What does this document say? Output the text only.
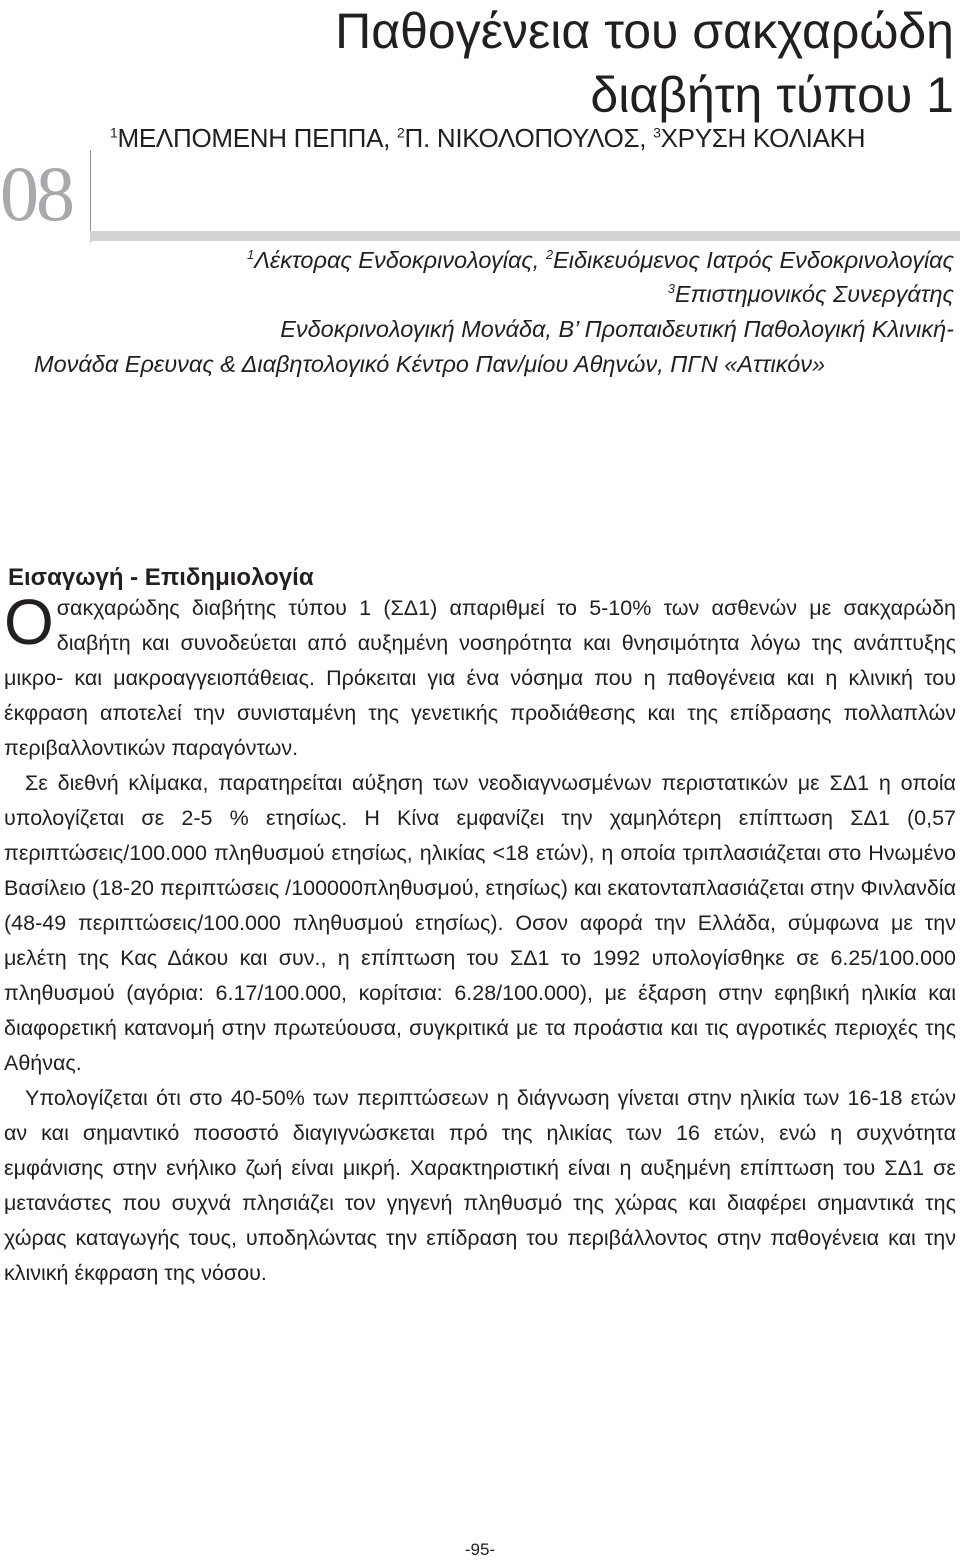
Παθογένεια του σακχαρώδη
διαβήτη τύπου 1
$^1$ΜΕΛΠΟΜΕΝΗ ΠΕΠΠΑ, $^2$Π. ΝΙΚΟΛΟΠΟΥΛΟΣ, $^3$ΧΡΥΣΗ ΚΟΛΙΑΚΗ
08
$^1$Λέκτορας Ενδοκρινολογίας, $^2$Ειδικευόμενος Ιατρός Ενδοκρινολογίας
$^3$Επιστημονικός Συνεργάτης
Ενδοκρινολογική Μονάδα, Β’ Προπαιδευτική Παθολογική Κλινική-
Μονάδα Ερευνας & Διαβητολογικό Κέντρο Παν/μίου Αθηνών, ΠΓΝ «Αττικόν»
Εισαγωγή - Επιδημιολογία

Οσακχαρώδης διαβήτης τύπου 1 (ΣΔ1) απαριθμεί το 5-10% των ασθενών με σακχαρώδη διαβήτη και συνοδεύεται από αυξημένη νοσηρότητα και θνησιμότητα λόγω της ανάπτυξης μικρο- και μακροαγγειοπάθειας. Πρόκειται για ένα νόσημα που η παθογένεια και η κλινική του έκφραση αποτελεί την συνισταμένη της γενετικής προδιάθεσης και της επίδρασης πολλαπλών περιβαλλοντικών παραγόντων.

Σε διεθνή κλίμακα, παρατηρείται αύξηση των νεοδιαγνωσμένων περιστατικών με ΣΔ1 η οποία υπολογίζεται σε 2-5 % ετησίως. Η Κίνα εμφανίζει την χαμηλότερη επίπτωση ΣΔ1 (0,57 περιπτώσεις/100.000 πληθυσμού ετησίως, ηλικίας <18 ετών), η οποία τριπλασιάζεται στο Ηνωμένο Βασίλειο (18-20 περιπτώσεις /100000πληθυσμού, ετησίως) και εκατονταπλασιάζεται στην Φινλανδία (48-49 περιπτώσεις/100.000 πληθυσμού ετησίως). Οσον αφορά την Ελλάδα, σύμφωνα με την μελέτη της Κας Δάκου και συν., η επίπτωση του ΣΔ1 το 1992 υπολογίσθηκε σε 6.25/100.000 πληθυσμού (αγόρια: 6.17/100.000, κορίτσια: 6.28/100.000), με έξαρση στην εφηβική ηλικία και διαφορετική κατανομή στην πρωτεύουσα, συγκριτικά με τα προάστια και τις αγροτικές περιοχές της Αθήνας.

Υπολογίζεται ότι στο 40-50% των περιπτώσεων η διάγνωση γίνεται στην ηλικία των 16-18 ετών αν και σημαντικό ποσοστό διαγιγνώσκεται πρό της ηλικίας των 16 ετών, ενώ η συχνότητα εμφάνισης στην ενήλικο ζωή είναι μικρή. Χαρακτηριστική είναι η αυξημένη επίπτωση του ΣΔ1 σε μετανάστες που συχνά πλησιάζει τον γηγενή πληθυσμό της χώρας και διαφέρει σημαντικά της χώρας καταγωγής τους, υποδηλώντας την επίδραση του περιβάλλοντος στην παθογένεια και την κλινική έκφραση της νόσου.

-95-
